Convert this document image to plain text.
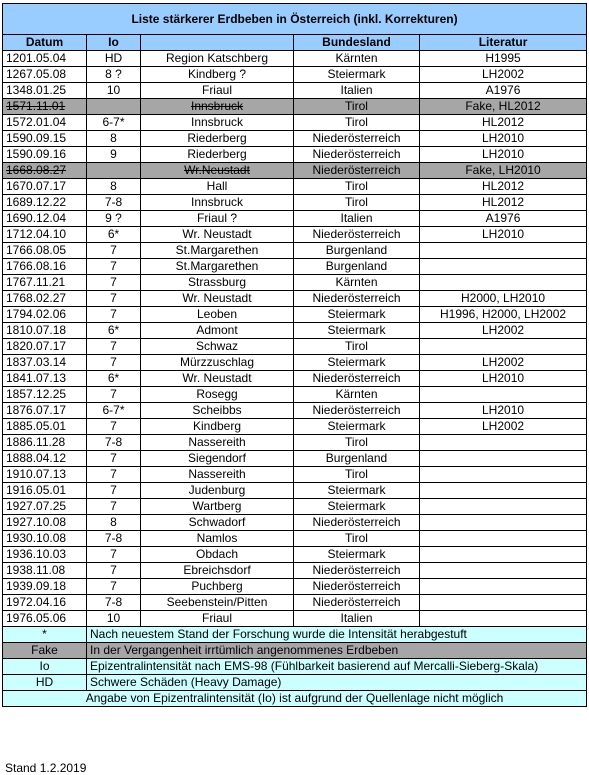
Liste stärkerer Erdbeben in Österreich (inkl. Korrekturen)				
Datum	Io		Bundesland	Literatur
1201.05.04	HD	Region Katschberg	Kärnten	H1995
1267.05.08	8 ?	Kindberg ?	Steiermark	LH2002
1348.01.25	10	Friaul	Italien	A1976
1571.11.01		Innsbruck	Tirol	Fake, HL2012
1572.01.04	6-7*	Innsbruck	Tirol	HL2012
1590.09.15	8	Riederberg	Niederösterreich	LH2010
1590.09.16	9	Riederberg	Niederösterreich	LH2010
1668.08.27		Wr.Neustadt	Niederösterreich	Fake, LH2010
1670.07.17	8	Hall	Tirol	HL2012
1689.12.22	7-8	Innsbruck	Tirol	HL2012
1690.12.04	9 ?	Friaul ?	Italien	A1976
1712.04.10	6*	Wr. Neustadt	Niederösterreich	LH2010
1766.08.05	7	St.Margarethen	Burgenland	
1766.08.16	7	St.Margarethen	Burgenland	
1767.11.21	7	Strassburg	Kärnten	
1768.02.27	7	Wr. Neustadt	Niederösterreich	H2000, LH2010
1794.02.06	7	Leoben	Steiermark	H1996, H2000, LH2002
1810.07.18	6*	Admont	Steiermark	LH2002
1820.07.17	7	Schwaz	Tirol	
1837.03.14	7	Mürzzuschlag	Steiermark	LH2002
1841.07.13	6*	Wr. Neustadt	Niederösterreich	LH2010
1857.12.25	7	Rosegg	Kärnten	
1876.07.17	6-7*	Scheibbs	Niederösterreich	LH2010
1885.05.01	7	Kindberg	Steiermark	LH2002
1886.11.28	7-8	Nassereith	Tirol	
1888.04.12	7	Siegendorf	Burgenland	
1910.07.13	7	Nassereith	Tirol	
1916.05.01	7	Judenburg	Steiermark	
1927.07.25	7	Wartberg	Steiermark	
1927.10.08	8	Schwadorf	Niederösterreich	
1930.10.08	7-8	Namlos	Tirol	
1936.10.03	7	Obdach	Steiermark	
1938.11.08	7	Ebreichsdorf	Niederösterreich	
1939.09.18	7	Puchberg	Niederösterreich	
1972.04.16	7-8	Seebenstein/Pitten	Niederösterreich	
1976.05.06	10	Friaul	Italien	
*	Nach neuestem Stand der Forschung wurde die Intensität herabgestuft			
Fake	In der Vergangenheit irrtümlich angenommenes Erdbeben			
Io	Epizentralintensität nach EMS-98 (Fühlbarkeit basierend auf Mercalli-Sieberg-Skala)			
HD	Schwere Schäden (Heavy Damage)			
Angabe von Epizentralintensität (Io) ist aufgrund der Quellenlage nicht möglich				
Stand 1.2.2019
